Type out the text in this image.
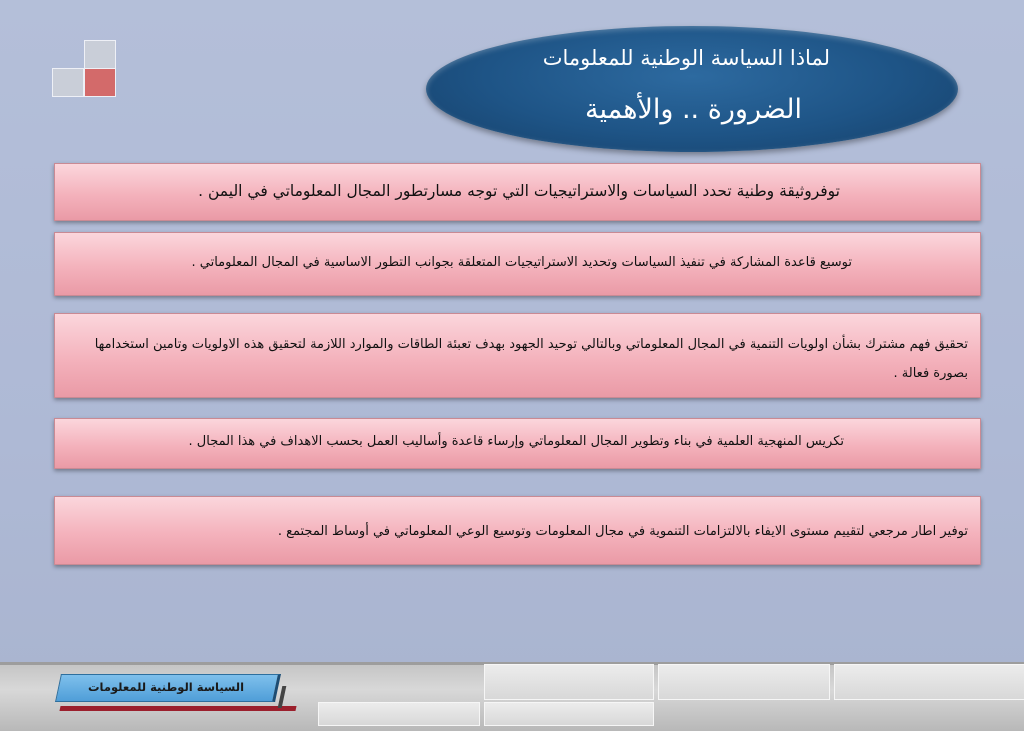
لماذا السياسة الوطنية للمعلومات
الضرورة .. والأهمية
توفروثيقة وطنية تحدد السياسات والاستراتيجيات التي توجه مسارتطور المجال المعلوماتي في اليمن .
توسيع قاعدة المشاركة في تنفيذ السياسات وتحديد الاستراتيجيات المتعلقة بجوانب التطور الاساسية في المجال المعلوماتي .
تحقيق فهم مشترك بشأن اولويات التنمية في المجال المعلوماتي وبالتالي توحيد الجهود بهدف تعبئة الطاقات والموارد اللازمة لتحقيق هذه الاولويات وتامين استخدامها بصورة فعالة .
تكريس المنهجية العلمية في بناء وتطوير المجال المعلوماتي وإرساء قاعدة وأساليب العمل بحسب الاهداف في هذا المجال .
توفير اطار مرجعي لتقييم مستوى الايفاء بالالتزامات التنموية في مجال المعلومات وتوسيع الوعي المعلوماتي في أوساط المجتمع .
السياسة الوطنية للمعلومات
